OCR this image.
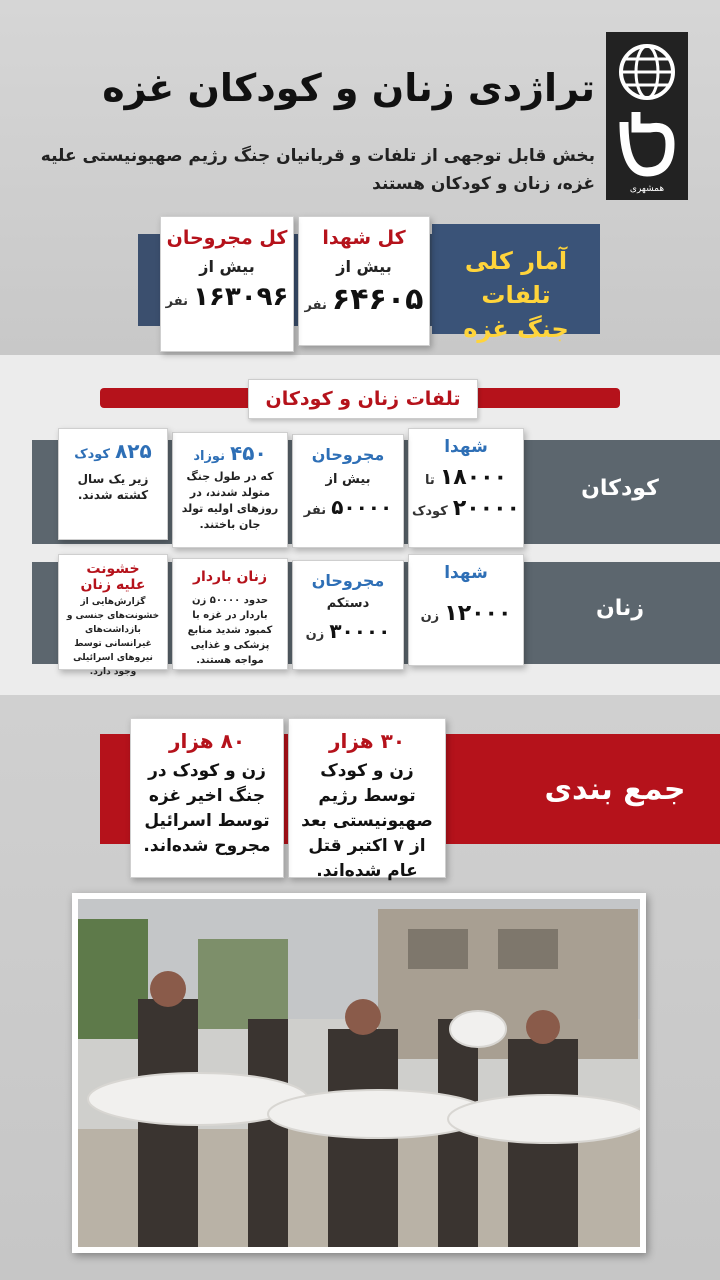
همشهری
تراژدی زنان و کودکان غزه
بخش قابل توجهی از تلفات و قربانیان جنگ رژیم صهیونیستی علیه غزه، زنان و کودکان هستند
آمار کلی تلفات
جنگ غزه
کل شهدا
بیش از
۶۴۶۰۵ نفر
کل مجروحان
بیش از
۱۶۳۰۹۶ نفر
تلفات زنان و کودکان
کودکان
شهدا
۱۸۰۰۰ تا
۲۰۰۰۰ کودک
مجروحان
بیش از
۵۰۰۰۰ نفر
۴۵۰ نوزاد
که در طول جنگ متولد شدند، در روزهای اولیه تولد جان باختند.
۸۲۵ کودک
زیر یک سال کشته شدند.
زنان
شهدا
۱۲۰۰۰ زن
مجروحان
دستکم
۳۰۰۰۰ زن
زنان باردار
حدود ۵۰۰۰۰ زن باردار در غزه با کمبود شدید منابع پزشکی و غذایی مواجه هستند.
خشونت
علیه زنان
گزارش‌هایی از خشونت‌های جنسی و بازداشت‌های غیرانسانی توسط نیروهای اسرائیلی وجود دارد.
جمع بندی
۳۰ هزار
زن و کودک توسط رژیم صهیونیستی بعد از ۷ اکتبر قتل عام شده‌اند.
۸۰ هزار
زن و کودک در جنگ اخیر غزه توسط اسرائیل مجروح شده‌اند.
